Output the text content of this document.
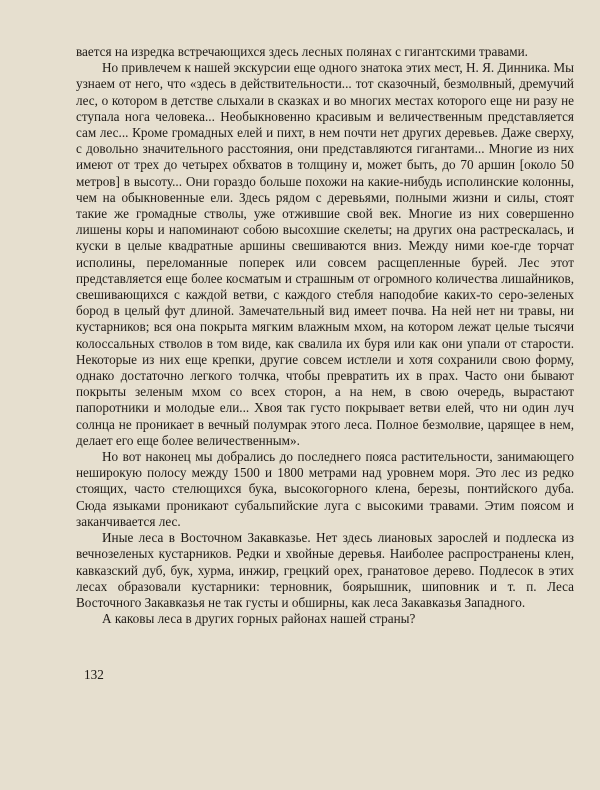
вается на изредка встречающихся здесь лесных полянах с гигантскими травами.

Но привлечем к нашей экскурсии еще одного знатока этих мест, Н. Я. Динника. Мы узнаем от него, что «здесь в действительности... тот сказочный, безмолвный, дремучий лес, о котором в детстве слыхали в сказках и во многих местах которого еще ни разу не ступала нога человека... Необыкновенно красивым и величественным представляется сам лес... Кроме громадных елей и пихт, в нем почти нет других деревьев. Даже сверху, с довольно значительного расстояния, они представляются гигантами... Многие из них имеют от трех до четырех обхватов в толщину и, может быть, до 70 аршин [около 50 метров] в высоту... Они гораздо больше похожи на какие-нибудь исполинские колонны, чем на обыкновенные ели. Здесь рядом с деревьями, полными жизни и силы, стоят такие же громадные стволы, уже отжившие свой век. Многие из них совершенно лишены коры и напоминают собою высохшие скелеты; на других она растрескалась, и куски в целые квадратные аршины свешиваются вниз. Между ними кое-где торчат исполины, переломанные поперек или совсем расщепленные бурей. Лес этот представляется еще более косматым и страшным от огромного количества лишайников, свешивающихся с каждой ветви, с каждого стебля наподобие каких-то серо-зеленых бород в целый фут длиной. Замечательный вид имеет почва. На ней нет ни травы, ни кустарников; вся она покрыта мягким влажным мхом, на котором лежат целые тысячи колоссальных стволов в том виде, как свалила их буря или как они упали от старости. Некоторые из них еще крепки, другие совсем истлели и хотя сохранили свою форму, однако достаточно легкого толчка, чтобы превратить их в прах. Часто они бывают покрыты зеленым мхом со всех сторон, а на нем, в свою очередь, вырастают папоротники и молодые ели... Хвоя так густо покрывает ветви елей, что ни один луч солнца не проникает в вечный полумрак этого леса. Полное безмолвие, царящее в нем, делает его еще более величественным».

Но вот наконец мы добрались до последнего пояса растительности, занимающего неширокую полосу между 1500 и 1800 метрами над уровнем моря. Это лес из редко стоящих, часто стелющихся бука, высокогорного клена, березы, понтийского дуба. Сюда языками проникают субальпийские луга с высокими травами. Этим поясом и заканчивается лес.

Иные леса в Восточном Закавказье. Нет здесь лиановых зарослей и подлеска из вечнозеленых кустарников. Редки и хвойные деревья. Наиболее распространены клен, кавказский дуб, бук, хурма, инжир, грецкий орех, гранатовое дерево. Подлесок в этих лесах образовали кустарники: терновник, боярышник, шиповник и т. п. Леса Восточного Закавказья не так густы и обширны, как леса Закавказья Западного.

А каковы леса в других горных районах нашей страны?

132
